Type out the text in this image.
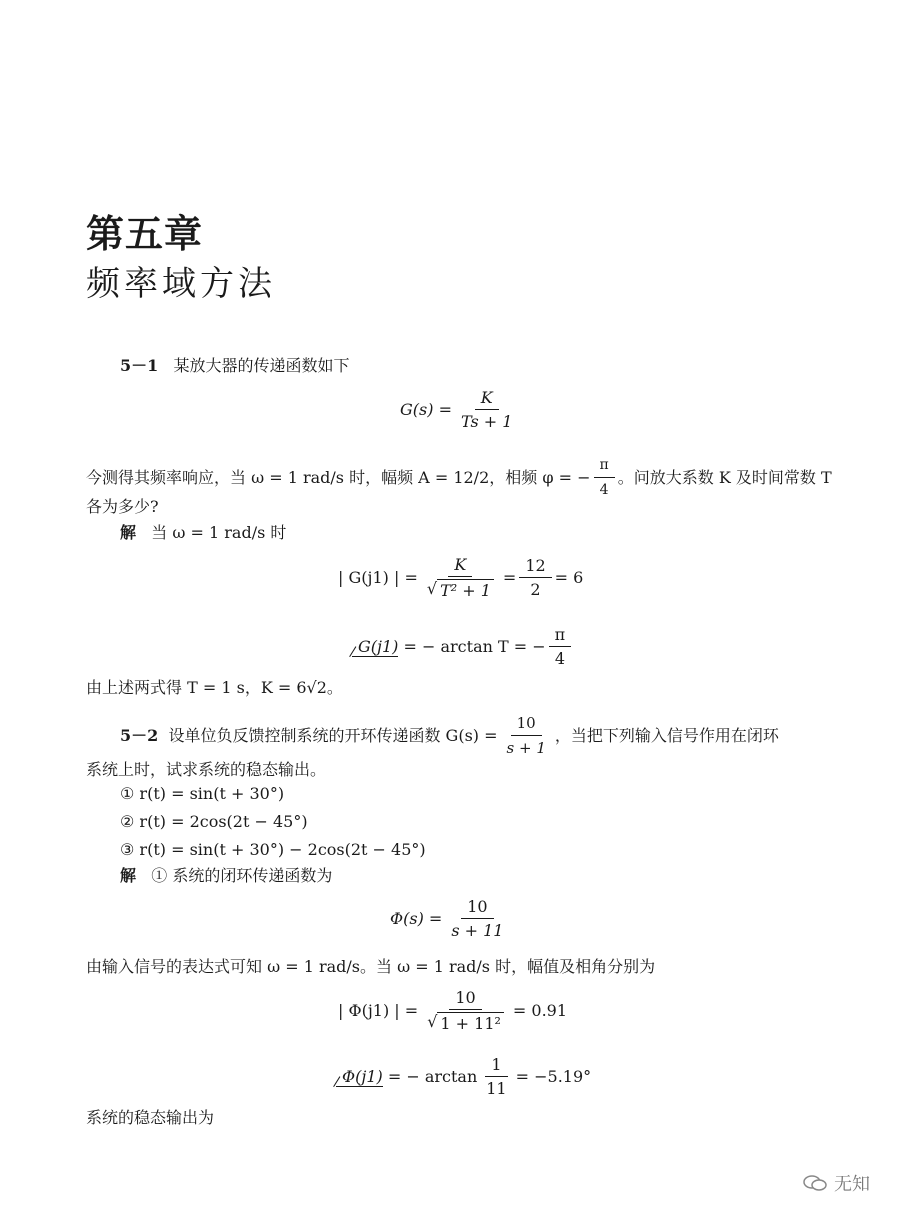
第五章
频率域方法
5－1 某放大器的传递函数如下
$G(s) = \frac{K}{Ts + 1}$
今测得其频率响应，当 ω = 1 rad/s 时，幅频 A = 12/2，相频 φ = − $\frac{\pi}{4}$ 。问放大系数 K 及时间常数 T
各为多少?
解 当 ω = 1 rad/s 时
| G(j1) | = $\frac{K}{\text{√ T² + 1}} = \frac{12}{2} = 6$
G(j1)
= − arctan T = − $\frac{\pi}{4}$
由上述两式得 T = 1 s，K = 6√2。
5－2
设单位负反馈控制系统的开环传递函数 $G(s) = \frac{10}{s + 1}$ ，当把下列输入信号作用在闭环
系统上时，试求系统的稳态输出。
① r(t) = sin(t + 30°)
② r(t) = 2cos(2t − 45°)
③ r(t) = sin(t + 30°) − 2cos(2t − 45°)
解 ① 系统的闭环传递函数为
$\Phi(s) = \frac{10}{s + 11}$
由输入信号的表达式可知 ω = 1 rad/s。当 ω = 1 rad/s 时，幅值及相角分别为
| Φ(j1) | = $\frac{10}{\text{√ 1 + 11²}} = 0.91$
Φ(j1)
= − $\arctan \frac{1}{11} = -5.19^\circ$
系统的稳态输出为
无知
